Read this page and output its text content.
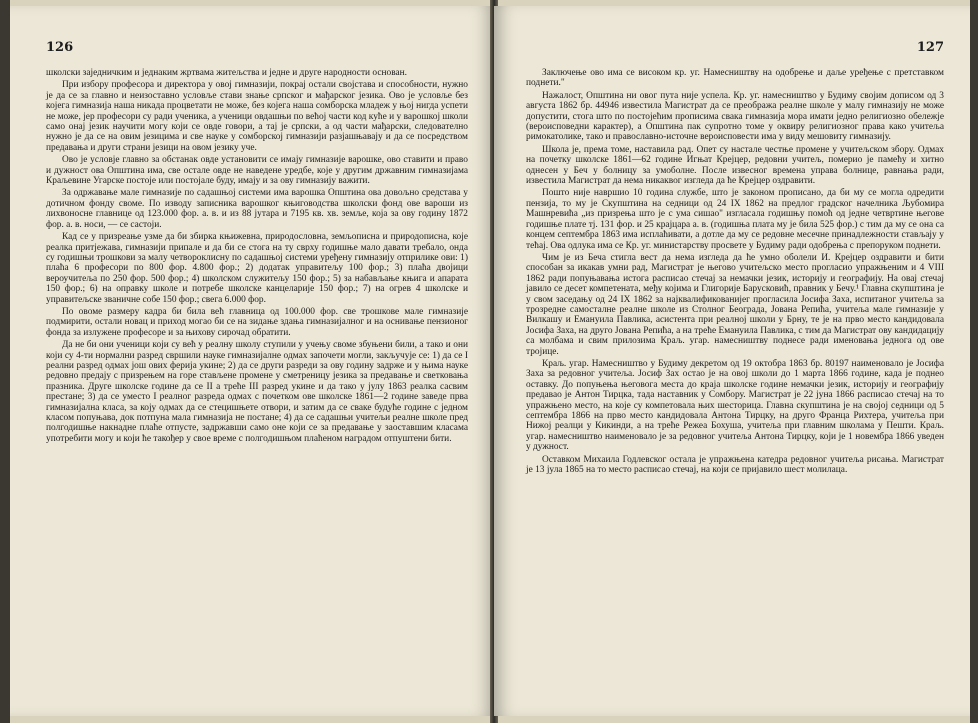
126

школски заједничким и једнаким жртвама житељства и једне и друге народности основан.

При избору професора и директора у овој гимназији, покрај остали својстава и способности, нужно је да се за главно и неизоставно условље стави знање српског и мађарског језика. Ово је условље без којега гимназија наша никада процветати не може, без којега наша сомборска младеж у њој нигда успети не може, јер професори су ради ученика, а ученици овдашњи по већој части код куће и у варошкој школи само онај језик научити могу који се овде говори, а тај је српски, а од части мађарски, следователно нужно је да се на овим језицима и све науке у сомборској гимназији разјашњавају и да се посредством предавања и други страни језици на овом језику уче.

Ово је условје главно за обстанак овде установити се имају гимназије варошке, ово ставити и право и дужност ова Општина има, све остале овде не наведене уредбе, које у другим државним гимназијама Краљевине Угарске постоје или постојале буду, имају и за ову гимназију важити.

За одржавање мале гимназије по садашњој системи има варошка Општина ова довољно средстава у дотичном фонду своме. По изводу записника варошког књиговодства школски фонд ове вароши из лихвоносне главнице од 123.000 фор. а. в. и из 88 јутара и 7195 кв. хв. земље, која за ову годину 1872 фор. а. в. носи, — се састоји.

Кад се у призреање узме да би збирка књижевна, природословна, земљописна и природописна, које реалка притјежава, гимназији припале и да би се стога на ту сврху годишње мало давати требало, онда су годишњи трошкови за малу четвороклисну по садашњој системи уређену гимназију отприлике ови: 1) плаћа 6 професори по 800 фор. 4.800 фор.; 2) додатак управитељу 100 фор.; 3) плаћа двојици вероучитеља по 250 фор. 500 фор.; 4) школском служитељу 150 фор.; 5) за набављање књига и апарата 150 фор.; 6) на оправку школе и потребе школске канцеларије 150 фор.; 7) на огрев 4 школске и управитељске званичне собе 150 фор.; свега 6.000 фор.

По овоме размеру кадра би била већ главница од 100.000 фор. све трошкове мале гимназије подмирити, остали новац и приход могао би се на зидање здања гимназијалног и на оснивање пензионог фонда за излужене професоре и за њихову сирочад обратити.

Да не би они ученици који су већ у реалну школу ступили у учењу своме збуњени били, а тако и они који су 4-ти нормални разред свршили науке гимназијалне одмах започети могли, закључује се: 1) да се I реални разред одмах још ових ферија укине; 2) да се други разреди за ову годину задрже и у њима науке редовно предају с призрењем на горе стављене промене у сметреницу језика за предавање и светковања празника. Друге школске године да се II а треће III разред укине и да тако у јулу 1863 реалка сасвим престане; 3) да се уместо I реалног разреда одмах с почетком ове школске 1861—2 године заведе прва гимназијална класа, за коју одмах да се стецишњете отвори, и затим да се сваке будуће године с једном класом попуњава, док потпуна мала гимназија не постане; 4) да се садашњи учитељи реалне школе пред полгодишње накнадне плаће отпусте, задржавши само оне који се за предавање у заоставшим класама употребити могу и који ће такођер у свое време с полгодишњом плаћеном наградом отпуштени бити.

127

Заключење ово има се високом кр. уг. Намесништву на одобрење и даље уређење с претставком поднети."

Нажалост, Општина ни овог пута није успела. Кр. уг. намесништво у Будиму својим дописом од 3 августа 1862 бр. 44946 известила Магистрат да се преобража реалне школе у малу гимназију не може допустити, стога што по постојећим прописима свака гимназија мора имати једно религиозно обележје (вероисповедни карактер), а Општина пак супротно томе у оквиру религиозног права како учитеља римокатолике, тако и православно-источне вероисповести има у виду мешовиту гимназију.

Школа је, према томе, наставила рад. Опет су настале честње промене у учитељском збору. Одмах на почетку школске 1861—62 године Игњат Крејцер, редовни учитељ, померио је памећу и хитно однесен у Беч у болницу за умоболне. После извесног времена управа болнице, равнања ради, известила Магистрат да нема никаквог изгледа да ће Крејцер оздравити.

Пошто није навршио 10 година службе, што је законом прописано, да би му се могла одредити пензија, то му је Скупштина на седници од 24 IX 1862 на предлог градског начелника Љубомира Машнревића „из призрења што је с ума сишао" изгласала годишњу помоћ од једне четвртине његове годишње плате тј. 131 фор. и 25 крајцара а. в. (годишња плата му је била 525 фор.) с тим да му се она са концем септембра 1863 има исплаћивати, а дотле да му се редовне месечне принадлежности стављају у тећај. Ова одлука има се Кр. уг. министарству просвете у Будиму ради одобрења с препоруком поднети.

Чим је из Беча стигла вест да нема изгледа да ће умно оболели И. Крејцер оздравити и бити способан за икакав умни рад, Магистрат је његово учитељско место прогласио упражњеним и 4 VIII 1862 ради попуњавања истога расписао стечај за немачки језик, историју и географију. На овај стечај јавило се десет компетената, међу којима и Глигорије Барусковић, правник у Бечу.¹ Главна скупштина је у свом заседању од 24 IX 1862 за најквалификованијег прогласила Јосифа Заха, испитаног учитеља за трозредне самосталне реалне школе из Столног Београда, Јована Репића, учитеља мале гимназије у Вилкашу и Емануила Павлика, асистента при реалној школи у Брну, те је на прво место кандидовала Јосифа Заха, на друго Јована Репића, а на треће Емануила Павлика, с тим да Магистрат ову кандидацију са молбама и свим прилозима Краљ. угар. намесништву поднесе ради именовања једнога од ове тројице.

Краљ. угар. Намесништво у Будиму декретом од 19 октобра 1863 бр. 80197 наименовало је Јосифа Заха за редовног учитеља. Јосиф Зах остао је на овој школи до 1 марта 1866 године, када је поднео оставку. До попуњења његовога места до краја школске године немачки језик, историју и географију предавао је Антон Тирцка, тада наставник у Сомбору. Магистрат је 22 јуна 1866 расписао стечај на то упражњено место, на које су компетовала њих шесторица. Главна скупштина је на својој седници од 5 септембра 1866 на прво место кандидовала Антона Тирцку, на друго Франца Рихтера, учитеља при Нижој реалци у Кикинди, а на треће Режеа Бохуша, учитеља при главним школама у Пешти. Краљ. угар. намесништво наименовало је за редовног учитеља Антона Тирцку, који је 1 новембра 1866 уведен у дужност.

Оставком Михаила Годлевског остала је упражњена катедра редовног учитеља рисања. Магистрат је 13 јула 1865 на то место расписао стечај, на који се пријавило шест молилаца.
